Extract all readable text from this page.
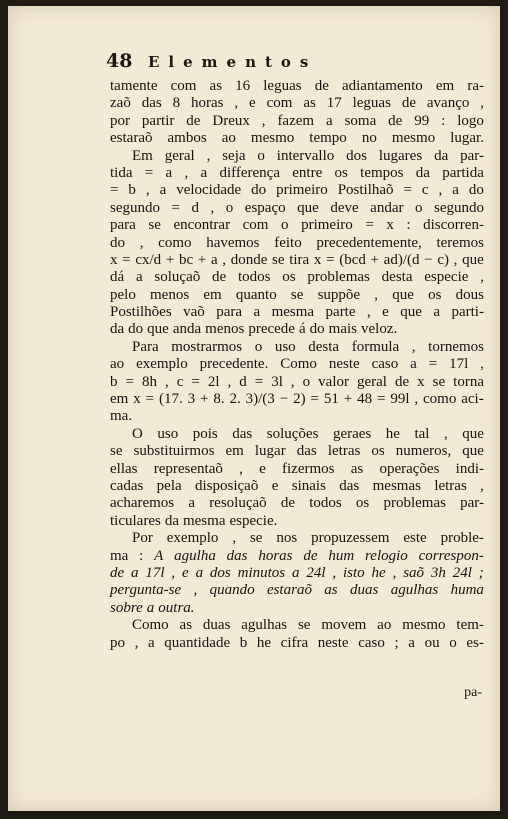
48 Elementos
tamente com as 16 leguas de adiantamento em ra-
zaõ das 8 horas , e com as 17 leguas de avanço ,
por partir de Dreux , fazem a soma de 99 : logo
estaraõ ambos ao mesmo tempo no mesmo lugar.
Em geral , seja o intervallo dos lugares da par-
tida = a , a differença entre os tempos da partida
= b , a velocidade do primeiro Postilhaõ = c , a do
segundo = d , o espaço que deve andar o segundo
para se encontrar com o primeiro = x : discorren-
do , como havemos feito precedentemente, teremos
x = cx/d + bc + a , donde se tira x = (bcd + ad)/(d − c) , que
dá a soluçaõ de todos os problemas desta especie ,
pelo menos em quanto se suppõe , que os dous
Postilhões vaõ para a mesma parte , e que a parti-
da do que anda menos precede á do mais veloz.
Para mostrarmos o uso desta formula , tornemos
ao exemplo precedente. Como neste caso a = 17l ,
b = 8h , c = 2l , d = 3l , o valor geral de x se torna
em x = (17. 3 + 8. 2. 3)/(3 − 2) = 51 + 48 = 99l , como aci-
ma.
O uso pois das soluções geraes he tal , que
se substituirmos em lugar das letras os numeros, que
ellas representaõ , e fizermos as operações indi-
cadas pela disposiçaõ e sinais das mesmas letras ,
acharemos a resoluçaõ de todos os problemas par-
ticulares da mesma especie.
Por exemplo , se nos propuzessem este proble-
ma : A agulha das horas de hum relogio correspon-
de a 17l , e a dos minutos a 24l , isto he , saõ 3h 24l ;
pergunta-se , quando estaraõ as duas agulhas huma
sobre a outra.
Como as duas agulhas se movem ao mesmo tem-
po , a quantidade b he cifra neste caso ; a ou o es-
pa-
